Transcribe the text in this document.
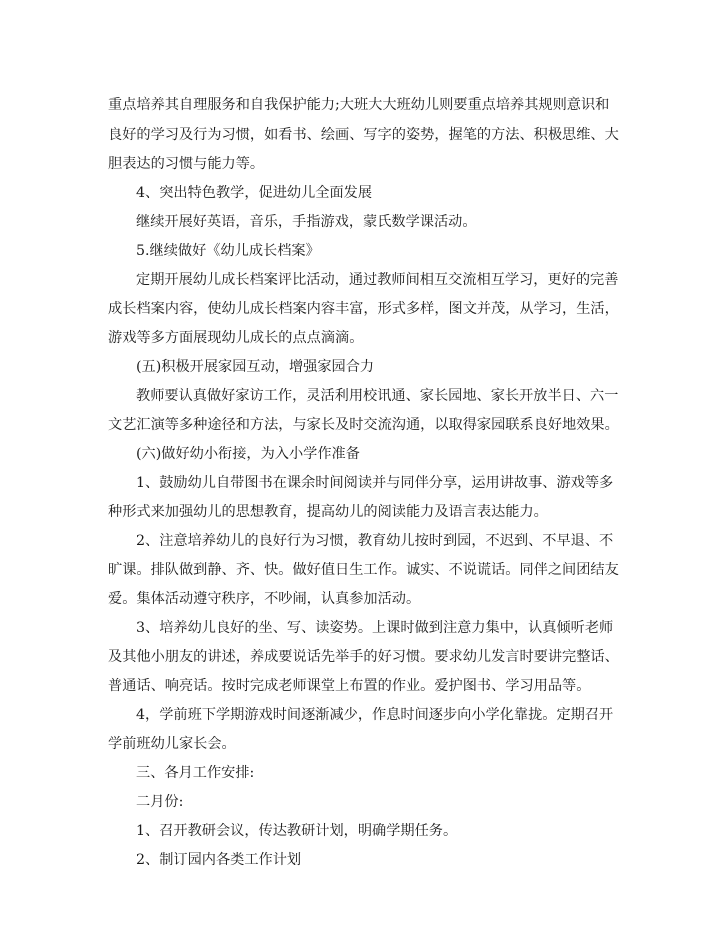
重点培养其自理服务和自我保护能力;大班大大班幼儿则要重点培养其规则意识和
良好的学习及行为习惯，如看书、绘画、写字的姿势，握笔的方法、积极思维、大
胆表达的习惯与能力等。
4、突出特色教学，促进幼儿全面发展
继续开展好英语，音乐，手指游戏，蒙氏数学课活动。
5.继续做好《幼儿成长档案》
定期开展幼儿成长档案评比活动，通过教师间相互交流相互学习，更好的完善
成长档案内容，使幼儿成长档案内容丰富，形式多样，图文并茂，从学习，生活，
游戏等多方面展现幼儿成长的点点滴滴。
(五)积极开展家园互动，增强家园合力
教师要认真做好家访工作，灵活利用校讯通、家长园地、家长开放半日、六一
文艺汇演等多种途径和方法，与家长及时交流沟通，以取得家园联系良好地效果。
(六)做好幼小衔接，为入小学作准备
1、鼓励幼儿自带图书在课余时间阅读并与同伴分享，运用讲故事、游戏等多
种形式来加强幼儿的思想教育，提高幼儿的阅读能力及语言表达能力。
2、注意培养幼儿的良好行为习惯，教育幼儿按时到园，不迟到、不早退、不
旷课。排队做到静、齐、快。做好值日生工作。诚实、不说谎话。同伴之间团结友
爱。集体活动遵守秩序，不吵闹，认真参加活动。
3、培养幼儿良好的坐、写、读姿势。上课时做到注意力集中，认真倾听老师
及其他小朋友的讲述，养成要说话先举手的好习惯。要求幼儿发言时要讲完整话、
普通话、响亮话。按时完成老师课堂上布置的作业。爱护图书、学习用品等。
4，学前班下学期游戏时间逐渐减少，作息时间逐步向小学化靠拢。定期召开
学前班幼儿家长会。
三、各月工作安排:
二月份:
1、召开教研会议，传达教研计划，明确学期任务。
2、制订园内各类工作计划
